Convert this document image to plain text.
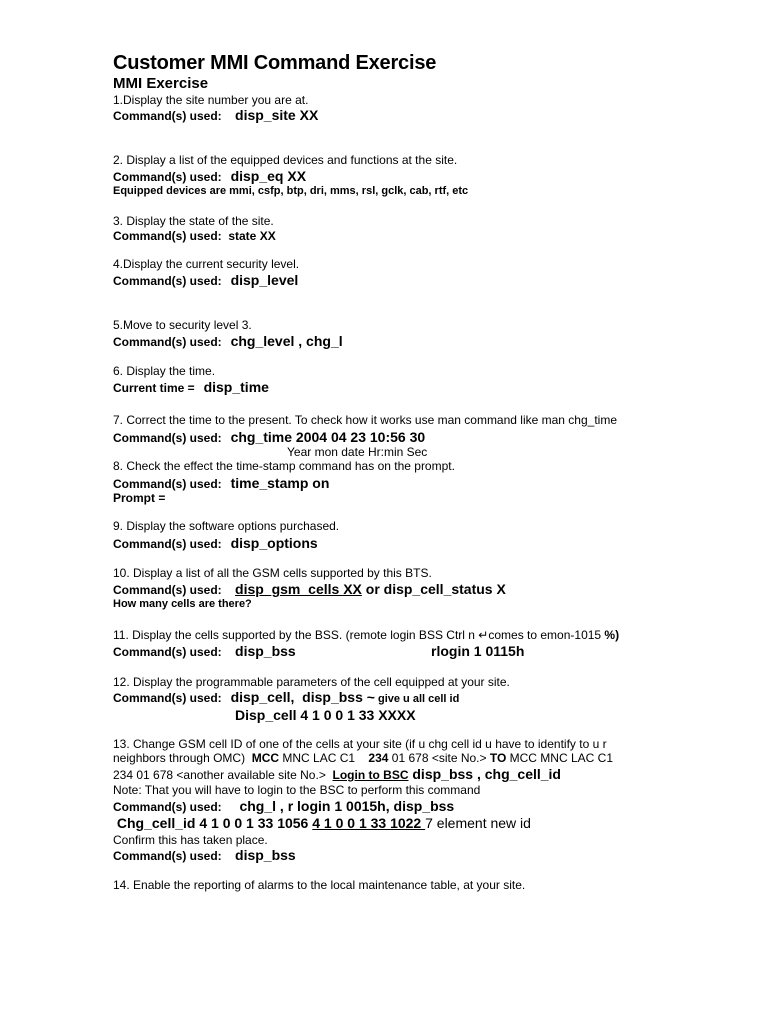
Customer MMI Command Exercise
MMI Exercise
1.Display the site number you are at.
Command(s) used: disp_site XX
2. Display a list of the equipped devices and functions at the site.
Command(s) used: disp_eq XX
Equipped devices are mmi, csfp, btp, dri, mms, rsl, gclk, cab, rtf, etc
3. Display the state of the site.
Command(s) used:  state XX
4.Display the current security level.
Command(s) used: disp_level
5.Move to security level 3.
Command(s) used: chg_level , chg_l
6. Display the time.
Current time = disp_time
7. Correct the time to the present. To check how it works use man command like man chg_time
Command(s) used: chg_time 2004 04 23 10:56 30
Year mon date Hr:min Sec
8. Check the effect the time-stamp command has on the prompt.
Command(s) used: time_stamp on
Prompt =
9. Display the software options purchased.
Command(s) used: disp_options
10. Display a list of all the GSM cells supported by this BTS.
Command(s) used: disp_gsm_cells XX or disp_cell_status X
How many cells are there?
11. Display the cells supported by the BSS. (remote login BSS Ctrl n ↵comes to emon-1015 %)
Command(s) used: disp_bss	rlogin 1 0115h
12. Display the programmable parameters of the cell equipped at your site.
Command(s) used: disp_cell,  disp_bss ~ give u all cell id
Disp_cell 4 1 0 0 1 33 XXXX
13. Change GSM cell ID of one of the cells at your site (if u chg cell id u have to identify to u r
neighbors through OMC)  MCC MNC LAC C1    234 01 678 <site No.> TO MCC MNC LAC C1
234 01 678 <another available site No.>  Login to BSC disp_bss , chg_cell_id
Note: That you will have to login to the BSC to perform this command
Command(s) used: chg_l , r login 1 0015h, disp_bss
Chg_cell_id 4 1 0 0 1 33 1056 4 1 0 0 1 33 1022 7 element new id
Confirm this has taken place.
Command(s) used: disp_bss
14. Enable the reporting of alarms to the local maintenance table, at your site.
